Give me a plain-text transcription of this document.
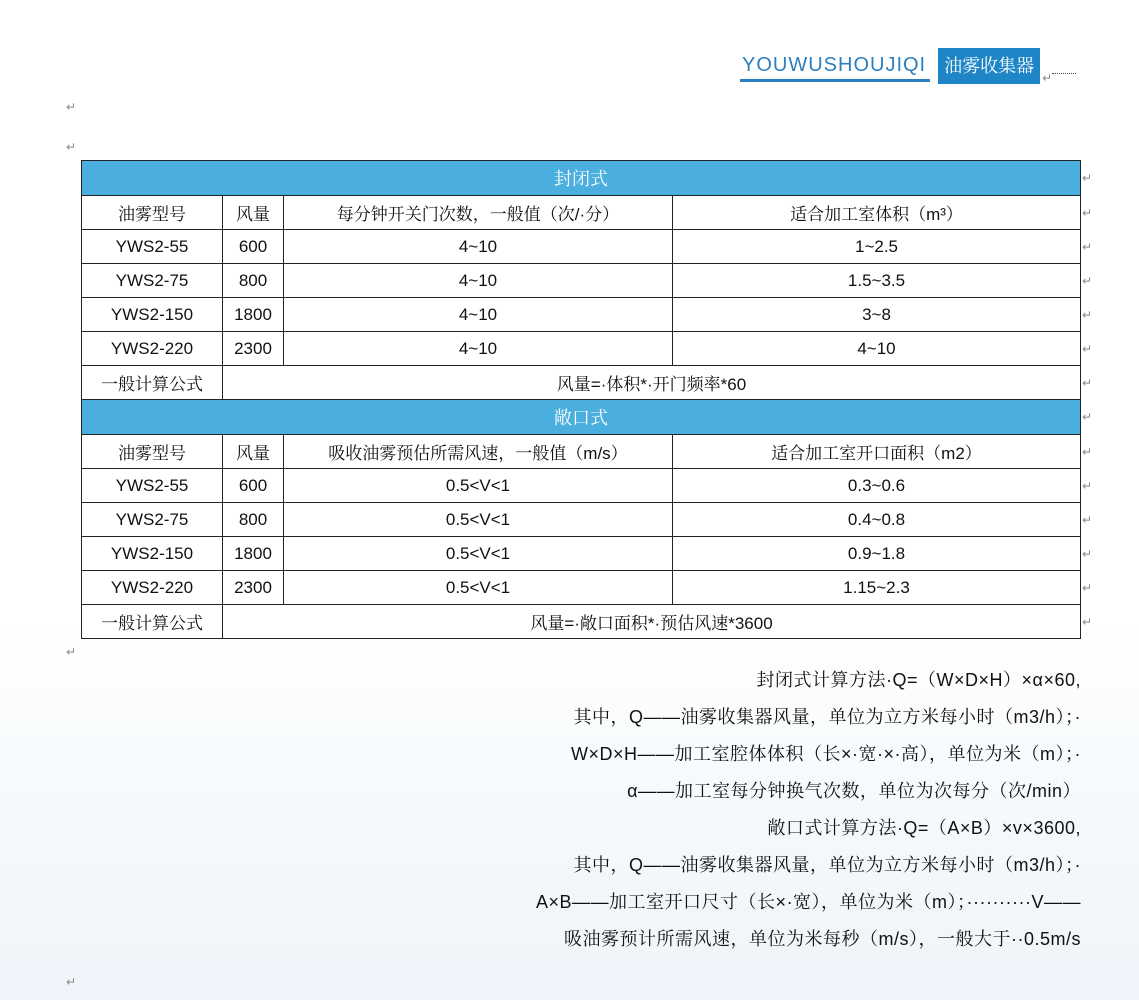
YOUWUSHOUJIQI	油雾收集器
↵
↵
↵
↵
↵
封闭式			
油雾型号	风量	每分钟开关门次数，一般值（次/·分）	适合加工室体积（m³）
YWS2-55	600	4~10	1~2.5
YWS2-75	800	4~10	1.5~3.5
YWS2-150	1800	4~10	3~8
YWS2-220	2300	4~10	4~10
一般计算公式	风量=·体积*·开门频率*60		
敞口式			
油雾型号	风量	吸收油雾预估所需风速，一般值（m/s）	适合加工室开口面积（m2）
YWS2-55	600	0.5<V<1	0.3~0.6
YWS2-75	800	0.5<V<1	0.4~0.8
YWS2-150	1800	0.5<V<1	0.9~1.8
YWS2-220	2300	0.5<V<1	1.15~2.3
一般计算公式	风量=·敞口面积*·预估风速*3600		
↵
↵
↵
↵
↵
↵
↵
↵
↵
↵
↵
↵
↵
↵

封闭式计算方法·Q=（W×D×H）×α×60,

其中，Q——油雾收集器风量，单位为立方米每小时（m3/h）；·

W×D×H——加工室腔体体积（长×·宽·×·高），单位为米（m）；·

α——加工室每分钟换气次数，单位为次每分（次/min）

敞口式计算方法·Q=（A×B）×v×3600,

其中，Q——油雾收集器风量，单位为立方米每小时（m3/h）；·

A×B——加工室开口尺寸（长×·宽），单位为米（m）；··········V——

吸油雾预计所需风速，单位为米每秒（m/s），一般大于··0.5m/s
